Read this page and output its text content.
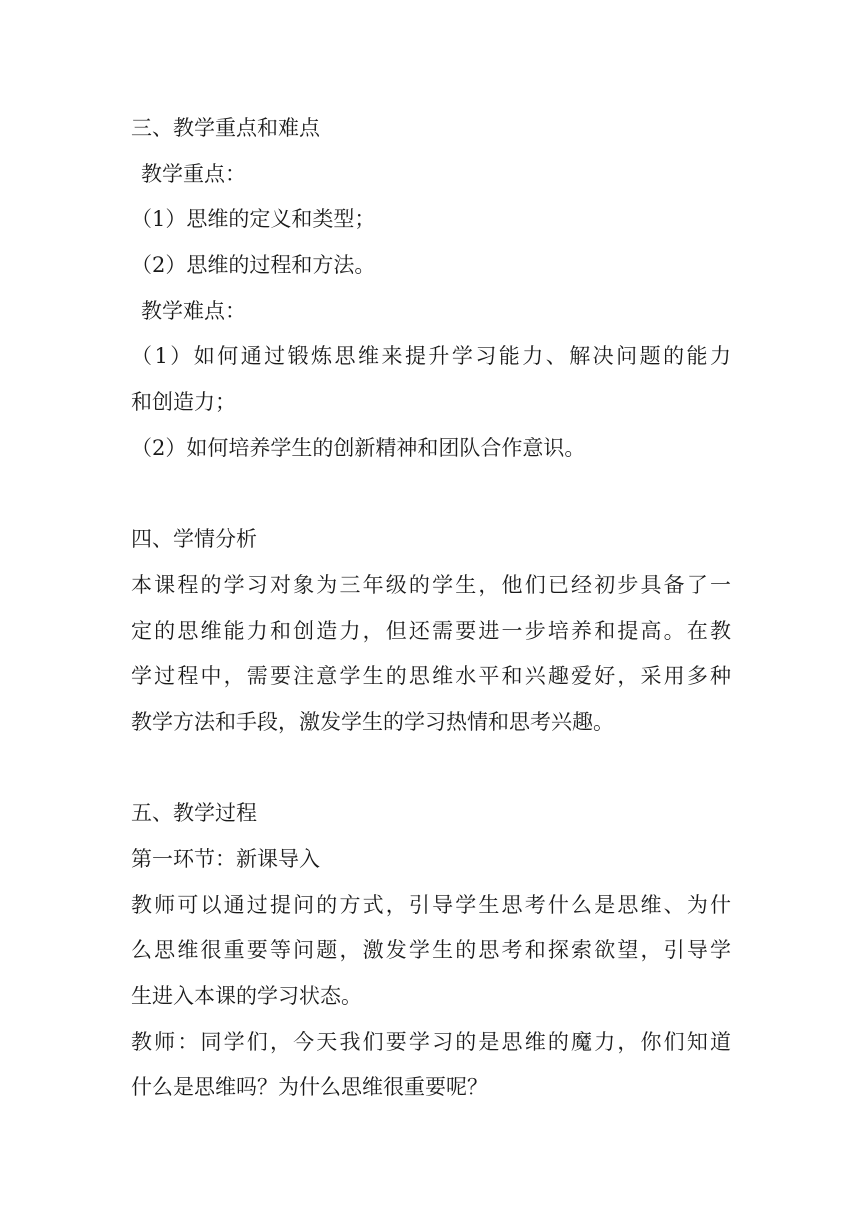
三、教学重点和难点
教学重点：
（1）思维的定义和类型；
（2）思维的过程和方法。
教学难点：
（1）如何通过锻炼思维来提升学习能力、解决问题的能力
和创造力；
（2）如何培养学生的创新精神和团队合作意识。
四、学情分析
本课程的学习对象为三年级的学生，他们已经初步具备了一
定的思维能力和创造力，但还需要进一步培养和提高。在教
学过程中，需要注意学生的思维水平和兴趣爱好，采用多种
教学方法和手段，激发学生的学习热情和思考兴趣。
五、教学过程
第一环节：新课导入
教师可以通过提问的方式，引导学生思考什么是思维、为什
么思维很重要等问题，激发学生的思考和探索欲望，引导学
生进入本课的学习状态。
教师：同学们，今天我们要学习的是思维的魔力，你们知道
什么是思维吗？为什么思维很重要呢？
